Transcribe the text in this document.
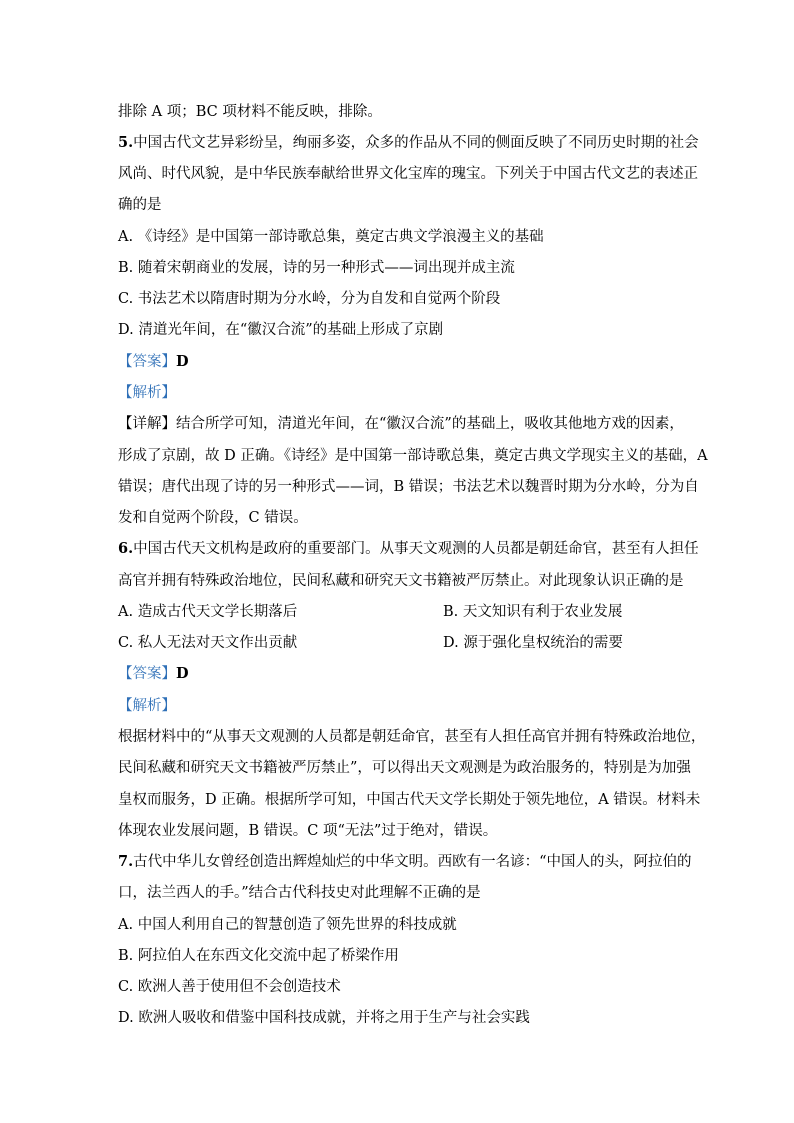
排除 A 项；BC 项材料不能反映，排除。
5.中国古代文艺异彩纷呈，绚丽多姿，众多的作品从不同的侧面反映了不同历史时期的社会
风尚、时代风貌，是中华民族奉献给世界文化宝库的瑰宝。下列关于中国古代文艺的表述正
确的是
A. 《诗经》是中国第一部诗歌总集，奠定古典文学浪漫主义的基础
B. 随着宋朝商业的发展，诗的另一种形式——词出现并成主流
C. 书法艺术以隋唐时期为分水岭，分为自发和自觉两个阶段
D. 清道光年间，在“徽汉合流”的基础上形成了京剧
【答案】D
【解析】
【详解】结合所学可知，清道光年间，在“徽汉合流”的基础上，吸收其他地方戏的因素，
形成了京剧，故 D 正确。《诗经》是中国第一部诗歌总集，奠定古典文学现实主义的基础，A
错误；唐代出现了诗的另一种形式——词，B 错误；书法艺术以魏晋时期为分水岭，分为自
发和自觉两个阶段，C 错误。
6.中国古代天文机构是政府的重要部门。从事天文观测的人员都是朝廷命官，甚至有人担任
高官并拥有特殊政治地位，民间私藏和研究天文书籍被严厉禁止。对此现象认识正确的是
A. 造成古代天文学长期落后	B. 天文知识有利于农业发展
C. 私人无法对天文作出贡献	D. 源于强化皇权统治的需要
【答案】D
【解析】
根据材料中的“从事天文观测的人员都是朝廷命官，甚至有人担任高官并拥有特殊政治地位，
民间私藏和研究天文书籍被严厉禁止”，可以得出天文观测是为政治服务的，特别是为加强
皇权而服务，D 正确。根据所学可知，中国古代天文学长期处于领先地位，A 错误。材料未
体现农业发展问题，B 错误。C 项“无法”过于绝对，错误。
7.古代中华儿女曾经创造出辉煌灿烂的中华文明。西欧有一名谚：“中国人的头，阿拉伯的
口，法兰西人的手。”结合古代科技史对此理解不正确的是
A. 中国人利用自己的智慧创造了领先世界的科技成就
B. 阿拉伯人在东西文化交流中起了桥梁作用
C. 欧洲人善于使用但不会创造技术
D. 欧洲人吸收和借鉴中国科技成就，并将之用于生产与社会实践
